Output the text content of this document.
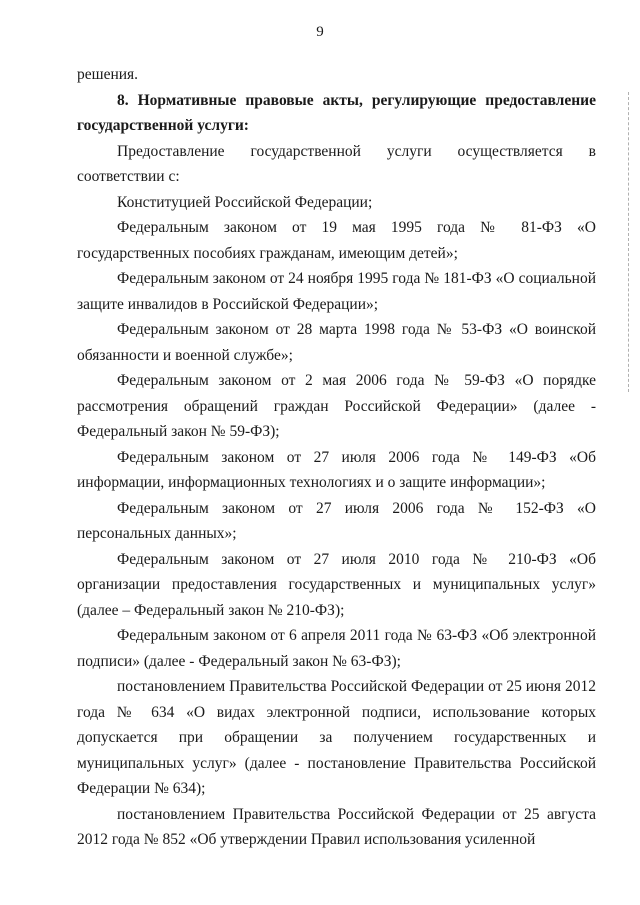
9

решения.

8. Нормативные правовые акты, регулирующие предоставление государственной услуги:

Предоставление государственной услуги осуществляется в соответствии с:

Конституцией Российской Федерации;

Федеральным законом от 19 мая 1995 года № 81-ФЗ «О государственных пособиях гражданам, имеющим детей»;

Федеральным законом от 24 ноября 1995 года № 181-ФЗ «О социальной защите инвалидов в Российской Федерации»;

Федеральным законом от 28 марта 1998 года № 53-ФЗ «О воинской обязанности и военной службе»;

Федеральным законом от 2 мая 2006 года № 59-ФЗ «О порядке рассмотрения обращений граждан Российской Федерации» (далее - Федеральный закон № 59-ФЗ);

Федеральным законом от 27 июля 2006 года № 149-ФЗ «Об информации, информационных технологиях и о защите информации»;

Федеральным законом от 27 июля 2006 года № 152-ФЗ «О персональных данных»;

Федеральным законом от 27 июля 2010 года № 210-ФЗ «Об организации предоставления государственных и муниципальных услуг» (далее – Федеральный закон № 210-ФЗ);

Федеральным законом от 6 апреля 2011 года № 63-ФЗ «Об электронной подписи» (далее - Федеральный закон № 63-ФЗ);

постановлением Правительства Российской Федерации от 25 июня 2012 года № 634 «О видах электронной подписи, использование которых допускается при обращении за получением государственных и муниципальных услуг» (далее - постановление Правительства Российской Федерации № 634);

постановлением Правительства Российской Федерации от 25 августа 2012 года № 852 «Об утверждении Правил использования усиленной
